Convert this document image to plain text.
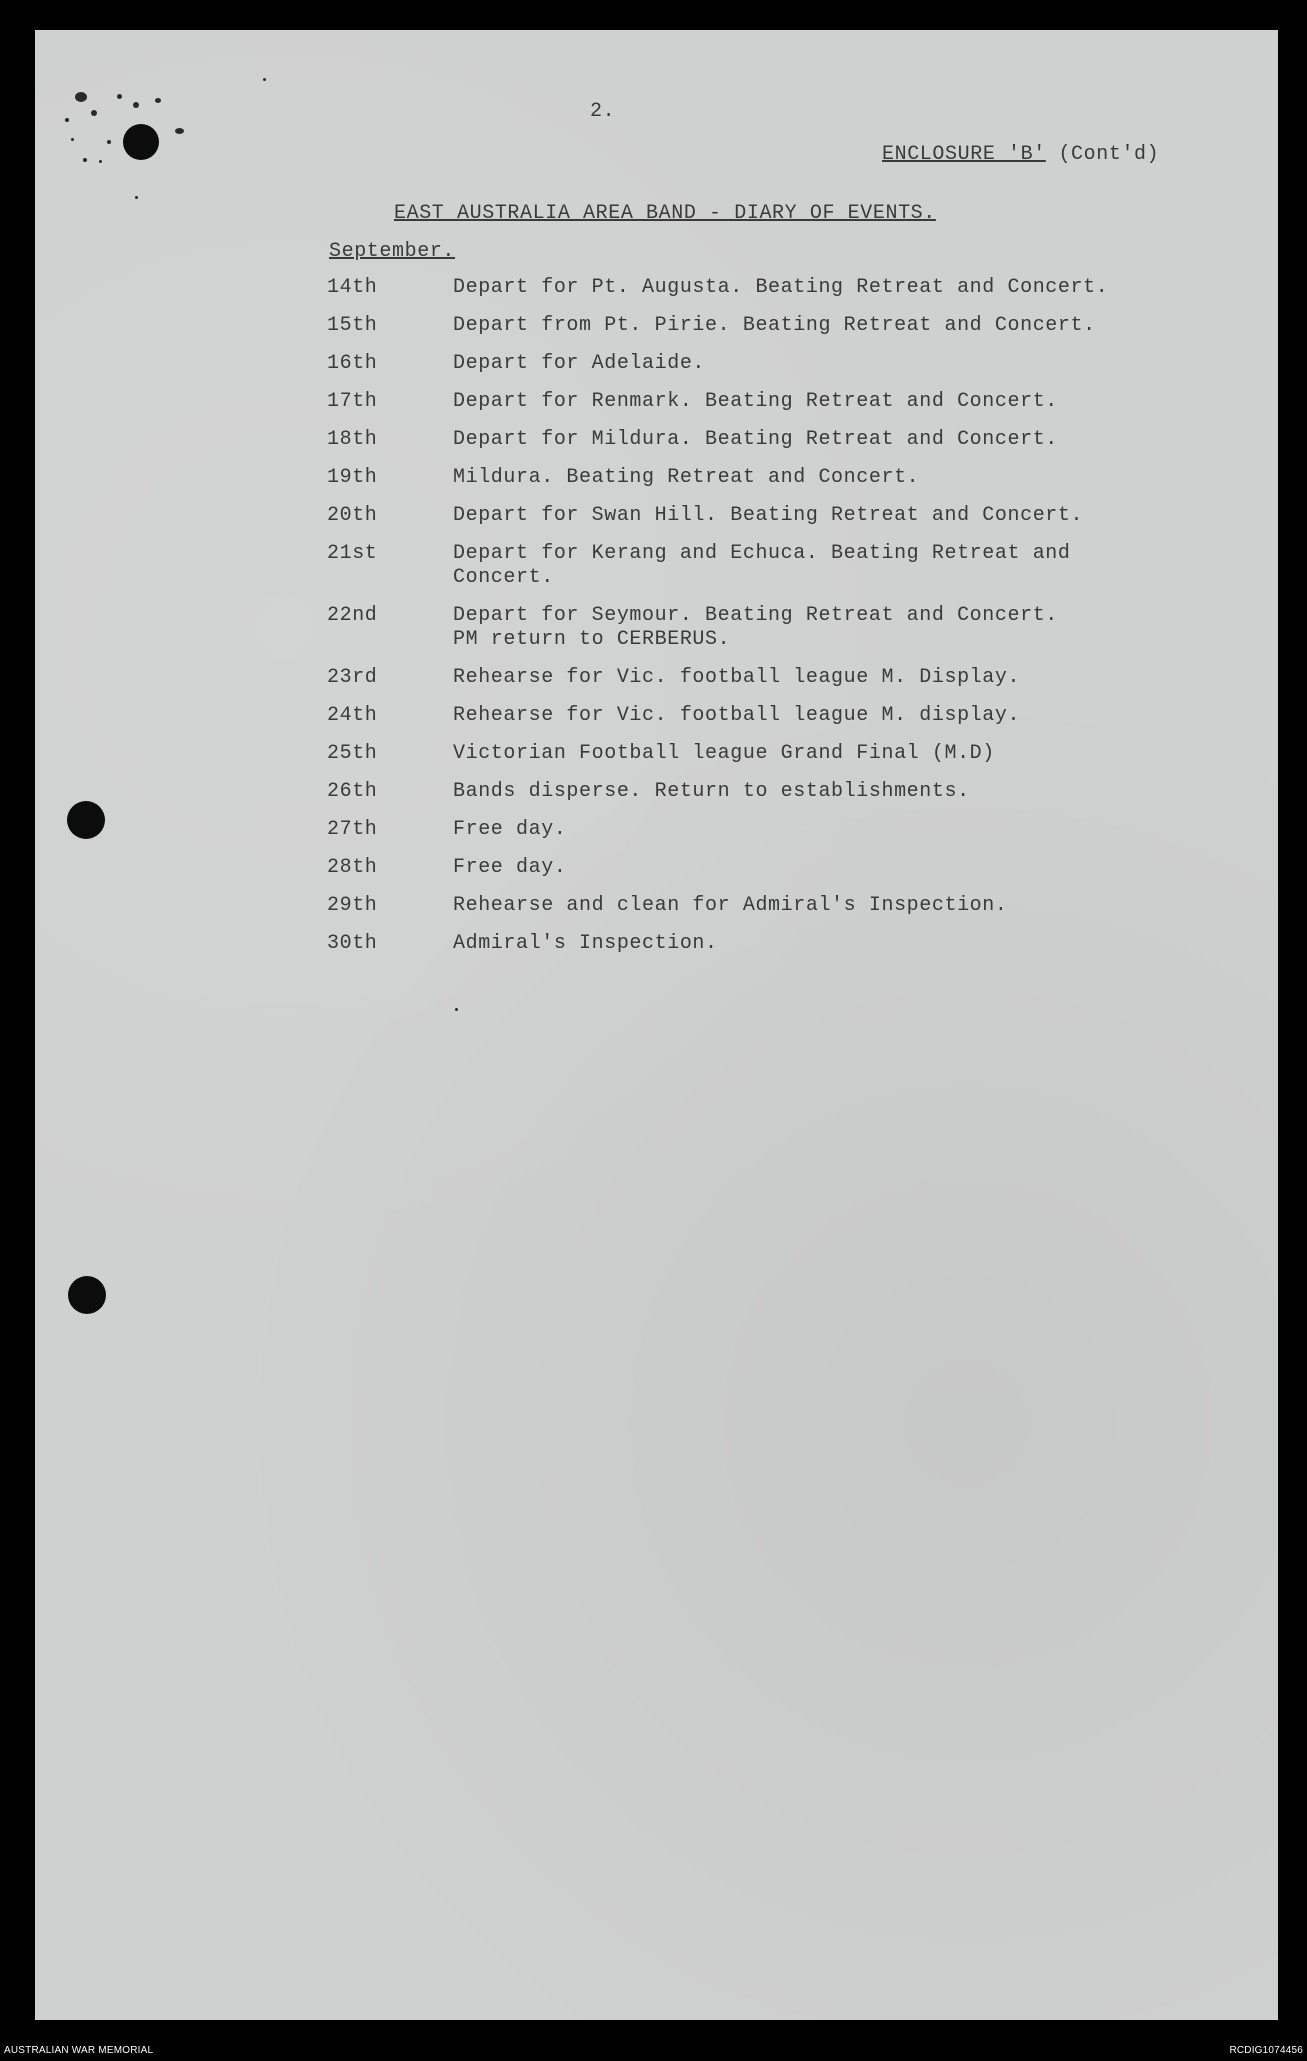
2.
ENCLOSURE 'B' (Cont'd)
EAST AUSTRALIA AREA BAND - DIARY OF EVENTS.
September.
14th	Depart for Pt. Augusta. Beating Retreat and Concert.
15th	Depart from Pt. Pirie. Beating Retreat and Concert.
16th	Depart for Adelaide.
17th	Depart for Renmark. Beating Retreat and Concert.
18th	Depart for Mildura. Beating Retreat and Concert.
19th	Mildura. Beating Retreat and Concert.
20th	Depart for Swan Hill. Beating Retreat and Concert.
21st	Depart for Kerang and Echuca. Beating Retreat and
Concert.
22nd	Depart for Seymour. Beating Retreat and Concert.
PM return to CERBERUS.
23rd	Rehearse for Vic. football league M. Display.
24th	Rehearse for Vic. football league M. display.
25th	Victorian Football league Grand Final (M.D)
26th	Bands disperse. Return to establishments.
27th	Free day.
28th	Free day.
29th	Rehearse and clean for Admiral's Inspection.
30th	Admiral's Inspection.
AUSTRALIAN WAR MEMORIAL	RCDIG1074456
